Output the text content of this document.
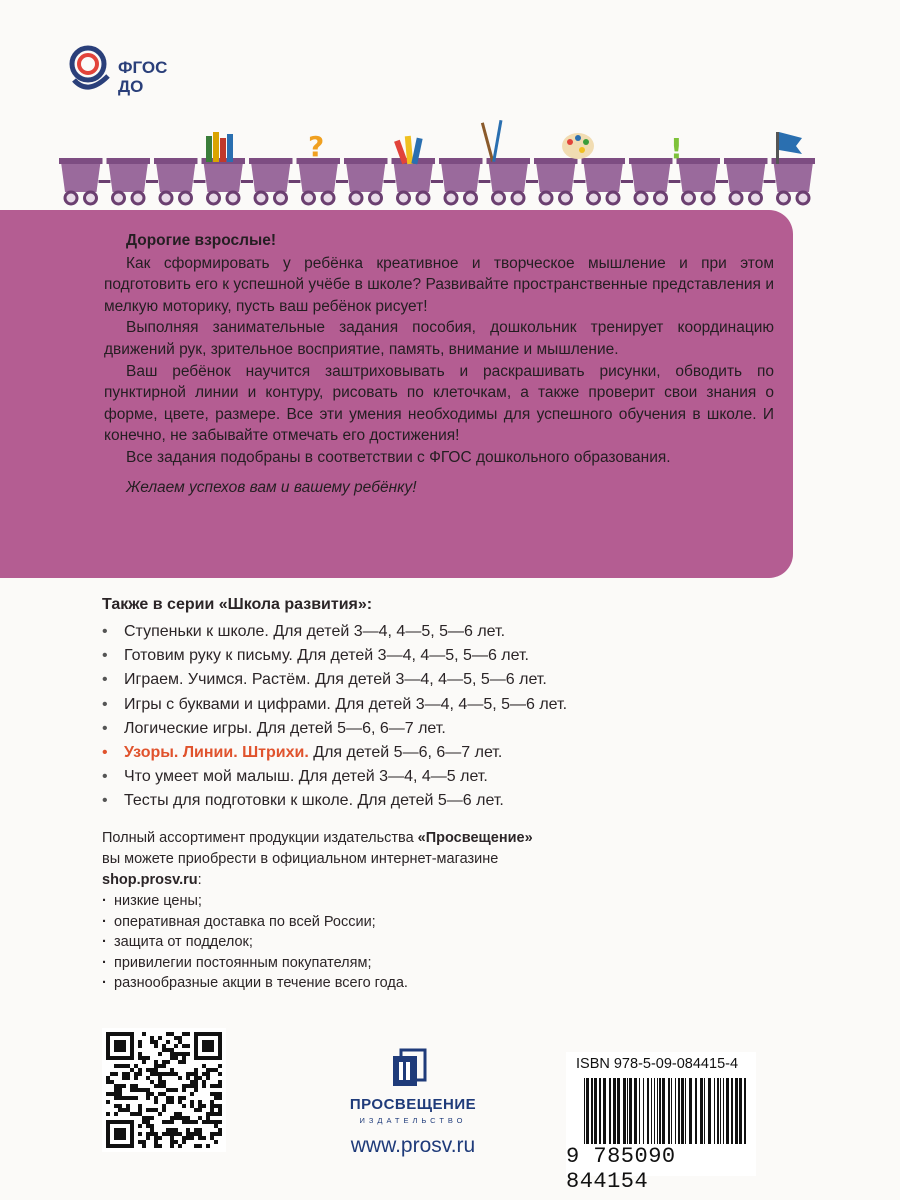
ФГОС
ДО
?	!

Дорогие взрослые!

Как сформировать у ребёнка креативное и творческое мышление и при этом подготовить его к успешной учёбе в школе? Развивайте пространственные представления и мелкую моторику, пусть ваш ребёнок рисует!

Выполняя занимательные задания пособия, дошкольник тренирует координацию движений рук, зрительное восприятие, память, внимание и мышление.

Ваш ребёнок научится заштриховывать и раскрашивать рисунки, обводить по пунктирной линии и контуру, рисовать по клеточкам, а также проверит свои знания о форме, цвете, размере. Все эти умения необходимы для успешного обучения в школе. И конечно, не забывайте отмечать его достижения!

Все задания подобраны в соответствии с ФГОС дошкольного образования.

Желаем успехов вам и вашему ребёнку!

Также в серии «Школа развития»:
• Ступеньки к школе. Для детей 3—4, 4—5, 5—6 лет.
• Готовим руку к письму. Для детей 3—4, 4—5, 5—6 лет.
• Играем. Учимся. Растём. Для детей 3—4, 4—5, 5—6 лет.
• Игры с буквами и цифрами. Для детей 3—4, 4—5, 5—6 лет.
• Логические игры. Для детей 5—6, 6—7 лет.
• Узоры. Линии. Штрихи. Для детей 5—6, 6—7 лет.
• Что умеет мой малыш. Для детей 3—4, 4—5 лет.
• Тесты для подготовки к школе. Для детей 5—6 лет.
Полный ассортимент продукции издательства «Просвещение»
вы можете приобрести в официальном интернет-магазине
shop.prosv.ru:
· низкие цены;
· оперативная доставка по всей России;
· защита от подделок;
· привилегии постоянным покупателям;
· разнообразные акции в течение всего года.
ПРОСВЕЩЕНИЕ
ИЗДАТЕЛЬСТВО
www.prosv.ru
ISBN 978-5-09-084415-4
9 785090 844154
